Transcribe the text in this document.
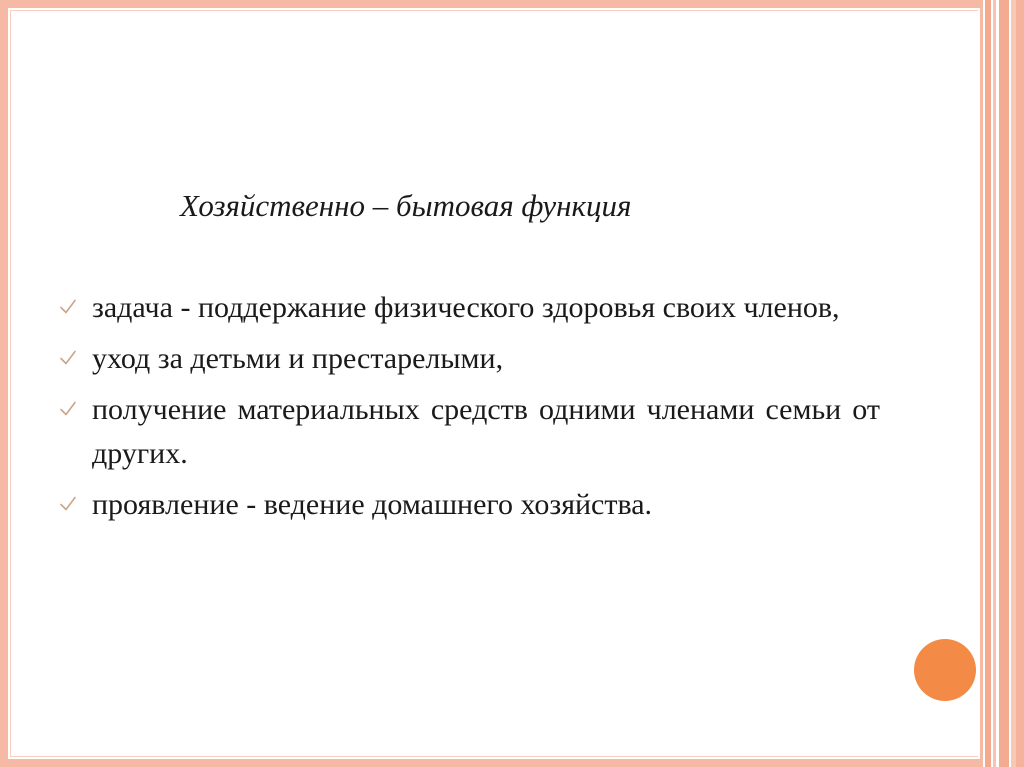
Хозяйственно – бытовая функция
задача - поддержание физического здоровья своих членов,
уход за детьми и престарелыми,
получение материальных средств одними членами семьи от других.
проявление - ведение домашнего хозяйства.
